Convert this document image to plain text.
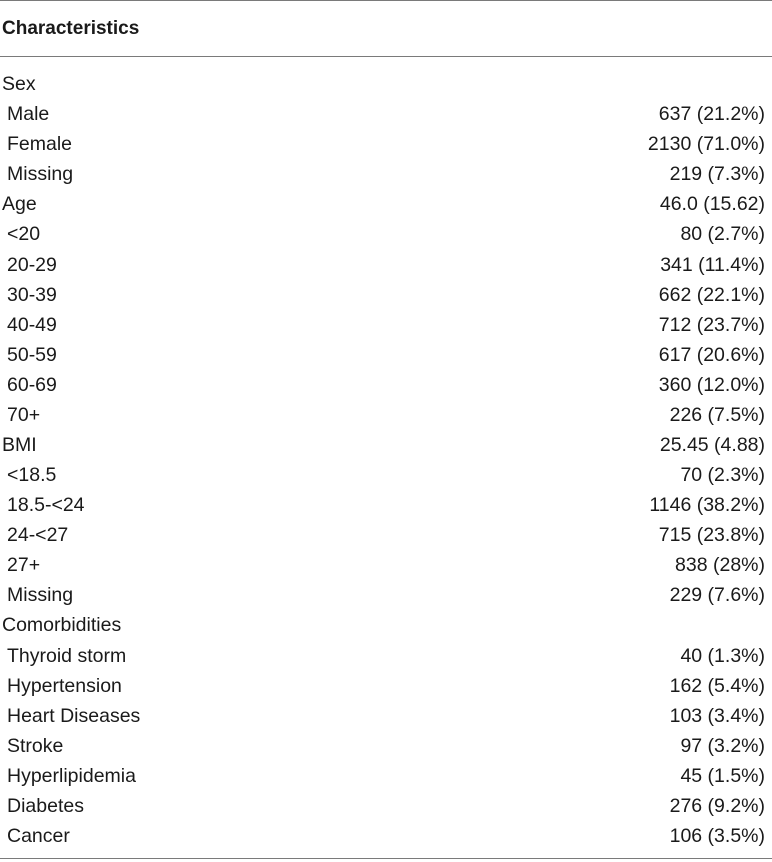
Characteristics
Sex
Male	637 (21.2%)
Female	2130 (71.0%)
Missing	219 (7.3%)
Age	46.0 (15.62)
<20	80 (2.7%)
20-29	341 (11.4%)
30-39	662 (22.1%)
40-49	712 (23.7%)
50-59	617 (20.6%)
60-69	360 (12.0%)
70+	226 (7.5%)
BMI	25.45 (4.88)
<18.5	70 (2.3%)
18.5-<24	1146 (38.2%)
24-<27	715 (23.8%)
27+	838 (28%)
Missing	229 (7.6%)
Comorbidities
Thyroid storm	40 (1.3%)
Hypertension	162 (5.4%)
Heart Diseases	103 (3.4%)
Stroke	97 (3.2%)
Hyperlipidemia	45 (1.5%)
Diabetes	276 (9.2%)
Cancer	106 (3.5%)
